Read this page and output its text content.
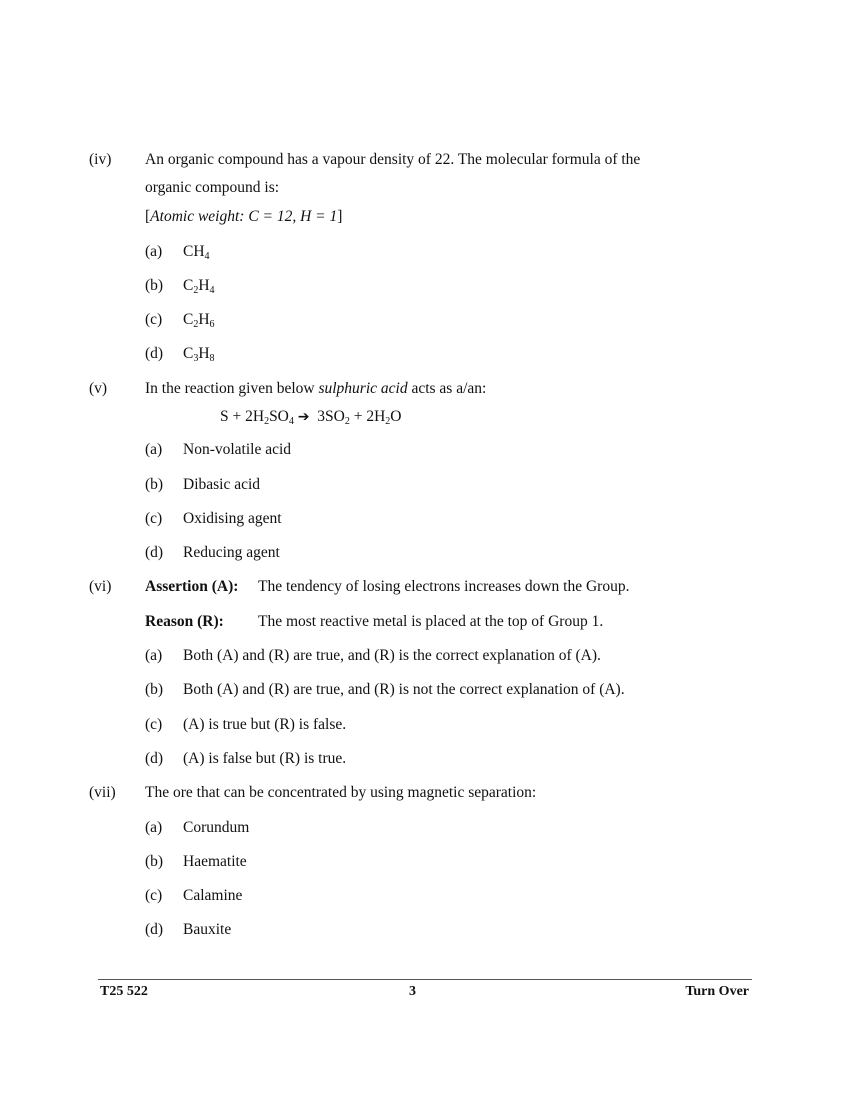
(iv) An organic compound has a vapour density of 22. The molecular formula of the
organic compound is:
[Atomic weight: C = 12, H = 1]
(a) $CH_4$
(b) $C_2H_4$
(c) $C_2H_6$
(d) $C_3H_8$
(v) In the reaction given below sulphuric acid acts as a/an:
$S + 2H_2SO_4$ ➔ $3SO_2 + 2H_2O$
(a) Non-volatile acid
(b) Dibasic acid
(c) Oxidising agent
(d) Reducing agent
(vi) Assertion (A): The tendency of losing electrons increases down the Group.
Reason (R): The most reactive metal is placed at the top of Group 1.
(a) Both (A) and (R) are true, and (R) is the correct explanation of (A).
(b) Both (A) and (R) are true, and (R) is not the correct explanation of (A).
(c) (A) is true but (R) is false.
(d) (A) is false but (R) is true.
(vii) The ore that can be concentrated by using magnetic separation:
(a) Corundum
(b) Haematite
(c) Calamine
(d) Bauxite
T25 522	3	Turn Over
